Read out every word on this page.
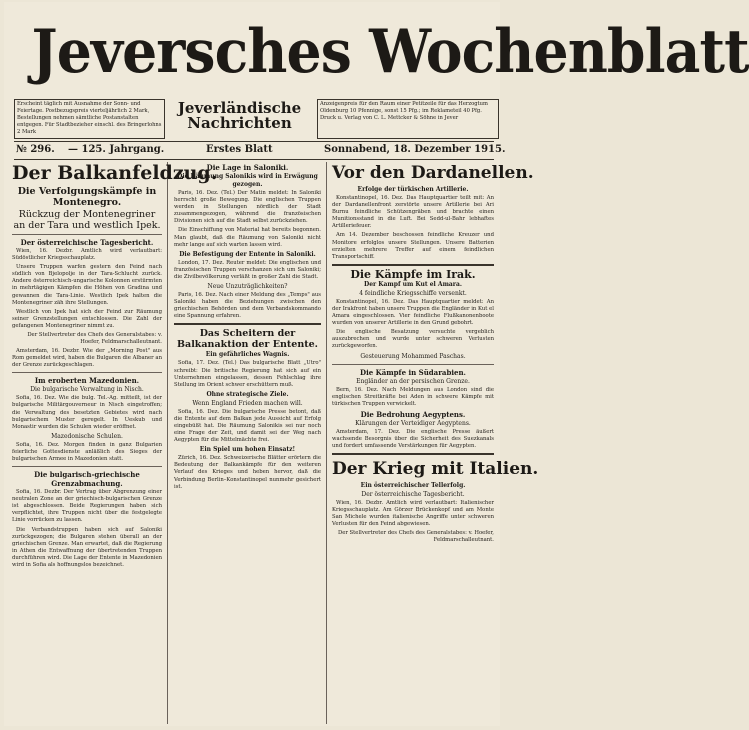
Jeversches Wochenblatt
Erscheint täglich mit Ausnahme der Sonn- und Feiertage. Postbezugspreis vierteljährlich 2 Mark, Bestellungen nehmen sämtliche Postanstalten entgegen. Für Stadtbezieher einschl. des Bringerlohns 2 Mark
Jeverländische
Nachrichten
Anzeigenpreis für den Raum einer Petitzeile für das Herzogtum Oldenburg 10 Pfennige, sonst 15 Pfg.; im Reklameteil 40 Pfg. Druck u. Verlag von C. L. Mettcker & Söhne in Jever
№ 296. — 125. Jahrgang.	Erstes Blatt	Sonnabend, 18. Dezember 1915.
Der Balkanfeldzug.
Die Verfolgungskämpfe in Montenegro.
Rückzug der Montenegriner an der Tara und westlich Ipek.
Der österreichische Tagesbericht.

Wien, 16. Dezbr. Amtlich wird verlautbart: Südöstlicher Kriegsschauplatz.

Unsere Truppen warfen gestern den Feind nach südlich von Bjelopolje in der Tara-Schlucht zurück. Andere österreichisch-ungarische Kolonnen erstürmten in mehrtägigen Kämpfen die Höhen von Gradina und gewannen die Tara-Linie. Westlich Ipek halten die Montenegriner zäh ihre Stellungen.

Westlich von Ipek hat sich der Feind zur Räumung seiner Grenzstellungen entschlossen. Die Zahl der gefangenen Montenegriner nimmt zu.

Der Stellvertreter des Chefs des Generalstabes: v. Hoefer, Feldmarschalleutnant.

Amsterdam, 16. Dezbr. Wie der „Morning Post" aus Rom gemeldet wird, haben die Bulgaren die Albaner an der Grenze zurückgeschlagen.

Im eroberten Mazedonien.
Die bulgarische Verwaltung in Nisch.

Sofia, 16. Dez. Wie die bulg. Tel.-Ag. mitteilt, ist der bulgarische Militärgouverneur in Nisch eingetroffen; die Verwaltung des besetzten Gebietes wird nach bulgarischem Muster geregelt. In Ueskub und Monastir wurden die Schulen wieder eröffnet.

Mazedonische Schulen.

Sofia, 16. Dez. Morgen finden in ganz Bulgarien feierliche Gottesdienste anläßlich des Sieges der bulgarischen Armee in Mazedonien statt.

Die bulgarisch-griechische Grenzabmachung.

Sofia, 16. Dezbr. Der Vertrag über Abgrenzung einer neutralen Zone an der griechisch-bulgarischen Grenze ist abgeschlossen. Beide Regierungen haben sich verpflichtet, ihre Truppen nicht über die festgelegte Linie vorrücken zu lassen.

Die Verbandstruppen haben sich auf Saloniki zurückgezogen; die Bulgaren stehen überall an der griechischen Grenze. Man erwartet, daß die Regierung in Athen die Entwaffnung der übertretenden Truppen durchführen wird. Die Lage der Entente in Mazedonien wird in Sofia als hoffnungslos bezeichnet.

Die Lage in Saloniki.
Die Räumung Salonikis wird in Erwägung gezogen.

Paris, 16. Dez. (Tel.) Der Matin meldet: In Saloniki herrscht große Bewegung. Die englischen Truppen werden in Stellungen nördlich der Stadt zusammengezogen, während die französischen Divisionen sich auf die Stadt selbst zurückziehen.

Die Einschiffung von Material hat bereits begonnen. Man glaubt, daß die Räumung von Saloniki nicht mehr lange auf sich warten lassen wird.

Die Befestigung der Entente in Saloniki.

London, 17. Dez. Reuter meldet: Die englischen und französischen Truppen verschanzen sich um Saloniki; die Zivilbevölkerung verläßt in großer Zahl die Stadt.

Neue Unzuträglichkeiten?

Paris, 16. Dez. Nach einer Meldung des „Temps" aus Saloniki haben die Beziehungen zwischen den griechischen Behörden und dem Verbandskommando eine Spannung erfahren.

Das Scheitern der Balkanaktion der Entente.
Ein gefährliches Wagnis.

Sofia, 17. Dez. (Tel.) Das bulgarische Blatt „Utro" schreibt: Die britische Regierung hat sich auf ein Unternehmen eingelassen, dessen Fehlschlag ihre Stellung im Orient schwer erschüttern muß.

Ohne strategische Ziele.
Wenn England Frieden machen will.

Sofia, 16. Dez. Die bulgarische Presse betont, daß die Entente auf dem Balkan jede Aussicht auf Erfolg eingebüßt hat. Die Räumung Salonikis sei nur noch eine Frage der Zeit, und damit sei der Weg nach Aegypten für die Mittelmächte frei.

Ein Spiel um hohen Einsatz!

Zürich, 16. Dez. Schweizerische Blätter erörtern die Bedeutung der Balkankämpfe für den weiteren Verlauf des Krieges und heben hervor, daß die Verbindung Berlin–Konstantinopel nunmehr gesichert ist.

Vor den Dardanellen.
Erfolge der türkischen Artillerie.

Konstantinopel, 16. Dez. Das Hauptquartier teilt mit: An der Dardanellenfront zerstörte unsere Artillerie bei Ari Burnu feindliche Schützengräben und brachte einen Munitionsstand in die Luft. Bei Sedd-ul-Bahr lebhaftes Artilleriefeuer.

Am 14. Dezember beschossen feindliche Kreuzer und Monitore erfolglos unsere Stellungen. Unsere Batterien erzielten mehrere Treffer auf einem feindlichen Transportschiff.

Die Kämpfe im Irak.
Der Kampf um Kut el Amara.
4 feindliche Kriegsschiffe versenkt.

Konstantinopel, 16. Dez. Das Hauptquartier meldet: An der Irakfront haben unsere Truppen die Engländer in Kut el Amara eingeschlossen. Vier feindliche Flußkanonenboote wurden von unserer Artillerie in den Grund gebohrt.

Die englische Besatzung versuchte vergeblich auszubrechen und wurde unter schweren Verlusten zurückgeworfen.

Gesteuerung Mohammed Paschas.
Die Kämpfe in Südarabien.
Engländer an der persischen Grenze.

Bern, 16. Dez. Nach Meldungen aus London sind die englischen Streitkräfte bei Aden in schwere Kämpfe mit türkischen Truppen verwickelt.

Die Bedrohung Aegyptens.
Klärungen der Verteidiger Aegyptens.

Amsterdam, 17. Dez. Die englische Presse äußert wachsende Besorgnis über die Sicherheit des Suezkanals und fordert umfassende Verstärkungen für Aegypten.

Der Krieg mit Italien.
Ein österreichischer Tellerfolg.
Der österreichische Tagesbericht.

Wien, 16. Dezbr. Amtlich wird verlautbart: Italienischer Kriegsschauplatz. Am Görzer Brückenkopf und am Monte San Michele wurden italienische Angriffe unter schweren Verlusten für den Feind abgewiesen.

Der Stellvertreter des Chefs des Generalstabes: v. Hoefer, Feldmarschalleutnant.
